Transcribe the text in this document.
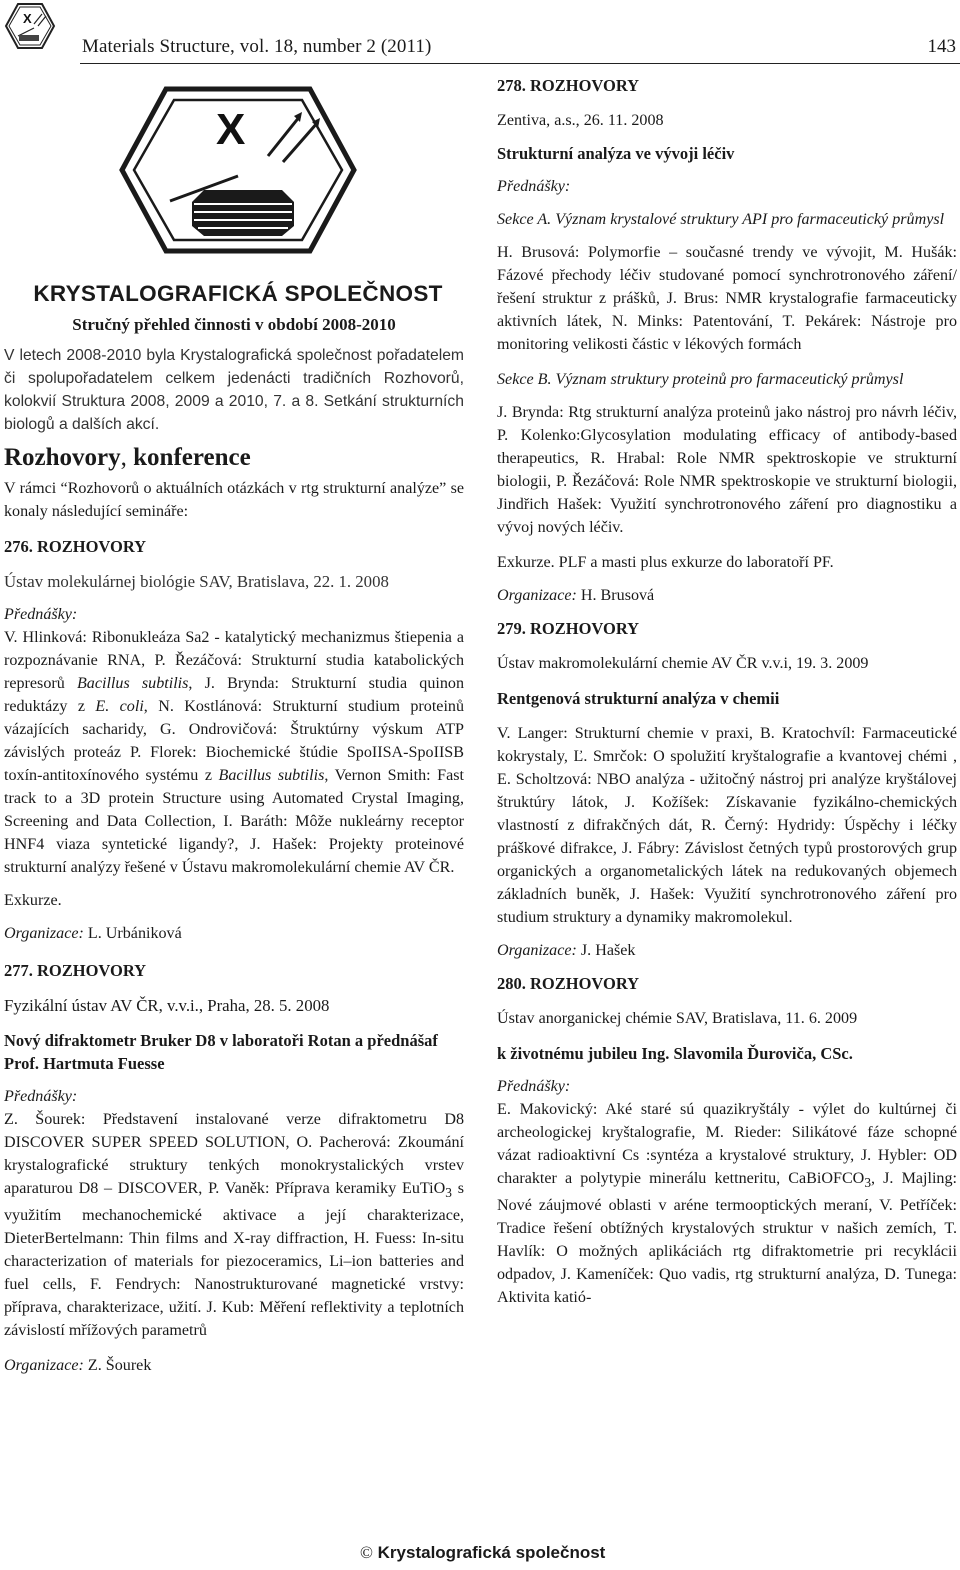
X
Materials Structure, vol. 18, number 2 (2011)	143
X
KRYSTALOGRAFICKÁ SPOLEČNOST
Stručný přehled činnosti v období 2008-2010

V letech 2008-2010 byla Krystalografická společnost pořadatelem či spolupořadatelem celkem jedenácti tradičních Rozhovorů, kolokvií Struktura 2008, 2009 a 2010, 7. a 8. Setkání strukturních biologů a dalších akcí.

Rozhovory, konference

V rámci “Rozhovorů o aktuálních otázkách v rtg strukturní analýze” se konaly následující semináře:

276. ROZHOVORY

Ústav molekulárnej biológie SAV, Bratislava, 22. 1. 2008

Přednášky:

V. Hlinková: Ribonukleáza Sa2 - katalytický mechanizmus štiepenia a rozpoznávanie RNA, P. Řezáčová: Strukturní studia katabolických represorů Bacillus subtilis, J. Brynda: Strukturní studia quinon reduktázy z E. coli, N. Kostlánová: Strukturní studium proteinů vázajících sacharidy, G. Ondrovičová: Štruktúrny výskum ATP závislých proteáz P. Florek: Biochemické štúdie SpoIISA-SpoIISB toxín-antitoxínového systému z Bacillus subtilis, Vernon Smith: Fast track to a 3D protein Structure using Automated Crystal Imaging, Screening and Data Collection, I. Baráth: Môže nukleárny receptor HNF4 viaza syntetické ligandy?, J. Hašek: Projekty proteinové strukturní analýzy řešené v Ústavu makromolekulární chemie AV ČR.

Exkurze.

Organizace: L. Urbániková

277. ROZHOVORY

Fyzikální ústav AV ČR, v.v.i., Praha, 28. 5. 2008

Nový difraktometr Bruker D8 v laboratoři Rotan a přednášaf Prof. Hartmuta Fuesse

Přednášky:

Z. Šourek: Představení instalované verze difraktometru D8 DISCOVER SUPER SPEED SOLUTION, O. Pacherová: Zkoumání krystalografické struktury tenkých monokrystalických vrstev aparaturou D8 – DISCOVER, P. Vaněk: Příprava keramiky EuTiO$_3$ s využitím mechanochemické aktivace a její charakterizace, DieterBertelmann: Thin films and X-ray diffraction, H. Fuess: In-situ characterization of materials for piezoceramics, Li–ion batteries and fuel cells, F. Fendrych: Nanostrukturované magnetické vrstvy: příprava, charakterizace, užití. J. Kub: Měření reflektivity a teplotních závislostí mřížových parametrů

Organizace: Z. Šourek

278. ROZHOVORY

Zentiva, a.s., 26. 11. 2008

Strukturní analýza ve vývoji léčiv

Přednášky:

Sekce A. Význam krystalové struktury API pro farmaceutický průmysl

H. Brusová: Polymorfie – současné trendy ve vývojit, M. Hušák: Fázové přechody léčiv studované pomocí synchrotronového záření/ řešení struktur z prášků, J. Brus: NMR krystalografie farmaceuticky aktivních látek, N. Minks: Patentování, T. Pekárek: Nástroje pro monitoring velikosti částic v lékových formách

Sekce B. Význam struktury proteinů pro farmaceutický průmysl

J. Brynda: Rtg strukturní analýza proteinů jako nástroj pro návrh léčiv, P. Kolenko:Glycosylation modulating efficacy of antibody-based therapeutics, R. Hrabal: Role NMR spektroskopie ve strukturní biologii, P. Řezáčová: Role NMR spektroskopie ve strukturní biologii, Jindřich Hašek: Využití synchrotronového záření pro diagnostiku a vývoj nových léčiv.

Exkurze. PLF a masti plus exkurze do laboratoří PF.

Organizace: H. Brusová

279. ROZHOVORY

Ústav makromolekulární chemie AV ČR v.v.i, 19. 3. 2009

Rentgenová strukturní analýza v chemii

V. Langer: Strukturní chemie v praxi, B. Kratochvíl: Farmaceutické kokrystaly, Ľ. Smrčok: O spolužití kryštalografie a kvantovej chémi , E. Scholtzová: NBO analýza - užitočný nástroj pri analýze kryštálovej štruktúry látok, J. Kožíšek: Získavanie fyzikálno-chemických vlastností z difrakčných dát, R. Černý: Hydridy: Úspěchy i léčky práškové difrakce, J. Fábry: Závislost četných typů prostorových grup organických a organometalických látek na redukovaných objemech základních buněk, J. Hašek: Využití synchrotronového záření pro studium struktury a dynamiky makromolekul.

Organizace: J. Hašek

280. ROZHOVORY

Ústav anorganickej chémie SAV, Bratislava, 11. 6. 2009

k životnému jubileu Ing. Slavomila Ďuroviča, CSc.

Přednášky:

E. Makovický: Aké staré sú quazikryštály - výlet do kultúrnej či archeologickej kryštalografie, M. Rieder: Silikátové fáze schopné vázat radioaktivní Cs :syntéza a krystalové struktury, J. Hybler: OD charakter a polytypie minerálu kettneritu, CaBiOFCO$_3$, J. Majling: Nové záujmové oblasti v aréne termooptických meraní, V. Petříček: Tradice řešení obtížných krystalových struktur v našich zemích, T. Havlík: O možných aplikáciách rtg difraktometrie pri recyklácii odpadov, J. Kameníček: Quo vadis, rtg strukturní analýza, D. Tunega: Aktivita katió-

© Krystalografická společnost
